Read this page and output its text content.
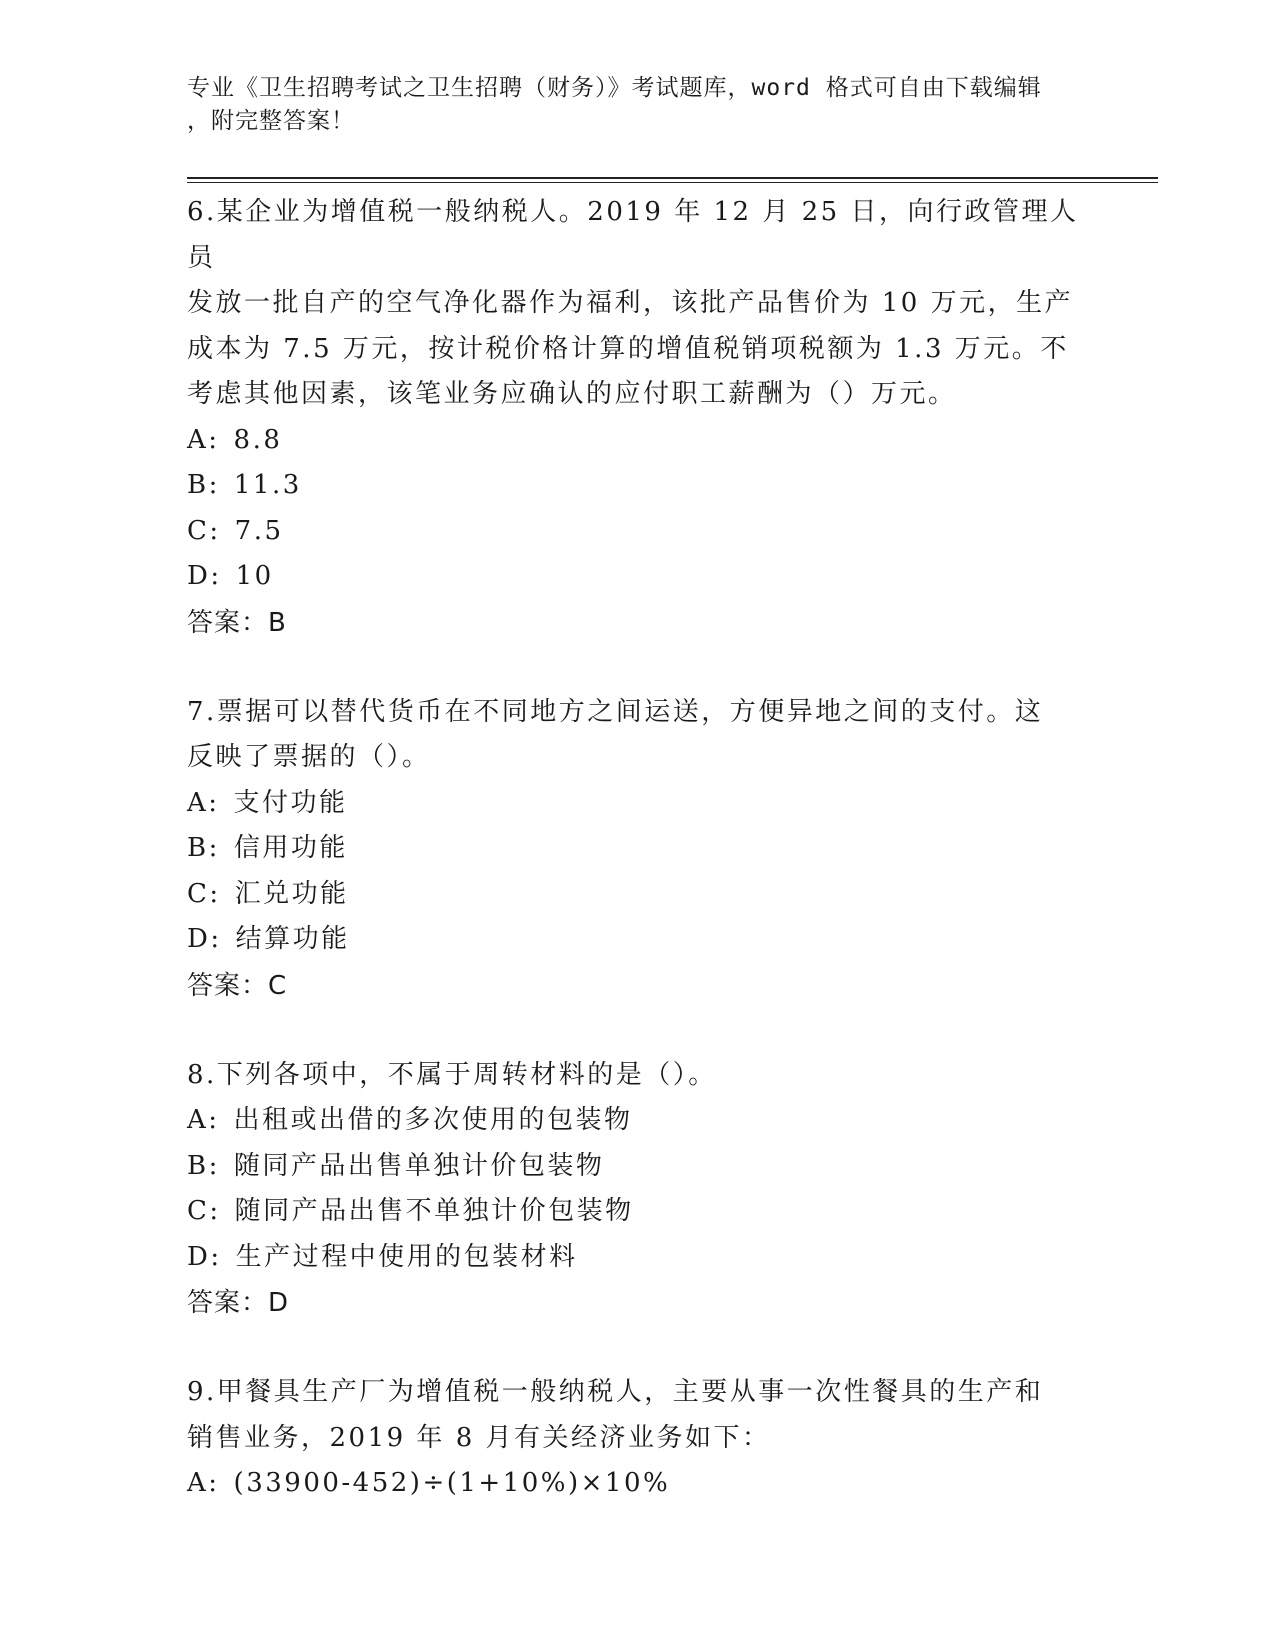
专业《卫生招聘考试之卫生招聘（财务）》考试题库，word 格式可自由下载编辑
，附完整答案！
6.某企业为增值税一般纳税人。2019 年 12 月 25 日，向行政管理人员
发放一批自产的空气净化器作为福利，该批产品售价为 10 万元，生产
成本为 7.5 万元，按计税价格计算的增值税销项税额为 1.3 万元。不
考虑其他因素，该笔业务应确认的应付职工薪酬为（）万元。
A: 8.8
B: 11.3
C: 7.5
D: 10
答案：B
7.票据可以替代货币在不同地方之间运送，方便异地之间的支付。这
反映了票据的（）。
A: 支付功能
B: 信用功能
C: 汇兑功能
D: 结算功能
答案：C
8.下列各项中，不属于周转材料的是（）。
A: 出租或出借的多次使用的包装物
B: 随同产品出售单独计价包装物
C: 随同产品出售不单独计价包装物
D: 生产过程中使用的包装材料
答案：D
9.甲餐具生产厂为增值税一般纳税人，主要从事一次性餐具的生产和
销售业务，2019 年 8 月有关经济业务如下：
A: (33900-452)÷(1+10%)×10%
